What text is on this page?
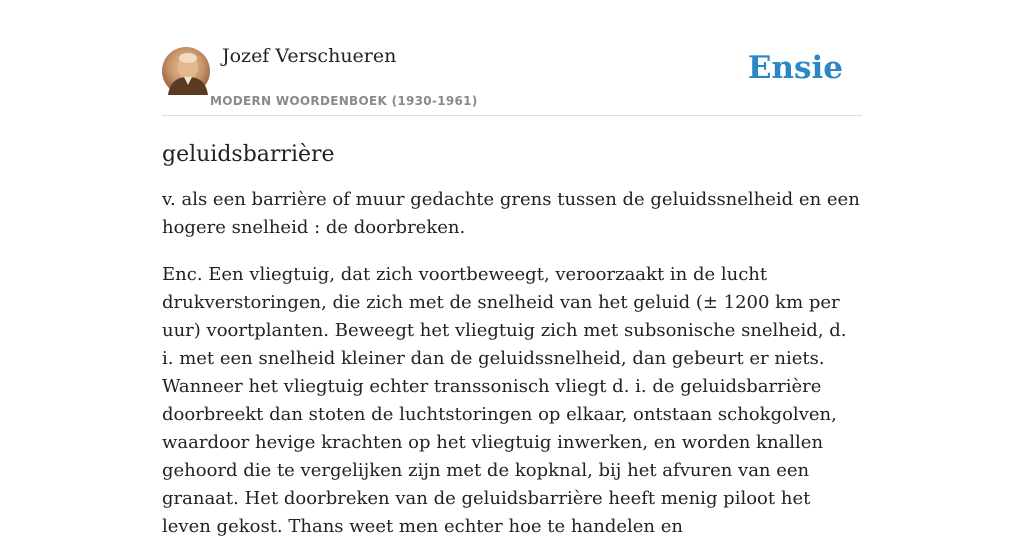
Jozef Verschueren
MODERN WOORDENBOEK (1930-1961)
Ensie
geluidsbarrière

v. als een barrière of muur gedachte grens tussen de geluidssnelheid en een hogere snelheid : de doorbreken.

Enc. Een vliegtuig, dat zich voortbeweegt, veroorzaakt in de lucht drukverstoringen, die zich met de snelheid van het geluid (± 1200 km per uur) voortplanten. Beweegt het vliegtuig zich met subsonische snelheid, d. i. met een snelheid kleiner dan de geluidssnelheid, dan gebeurt er niets. Wanneer het vliegtuig echter transsonisch vliegt d. i. de geluidsbarrière doorbreekt dan stoten de luchtstoringen op elkaar, ontstaan schokgolven, waardoor hevige krachten op het vliegtuig inwerken, en worden knallen gehoord die te vergelijken zijn met de kopknal, bij het afvuren van een granaat. Het doorbreken van de geluidsbarrière heeft menig piloot het leven gekost. Thans weet men echter hoe te handelen en
